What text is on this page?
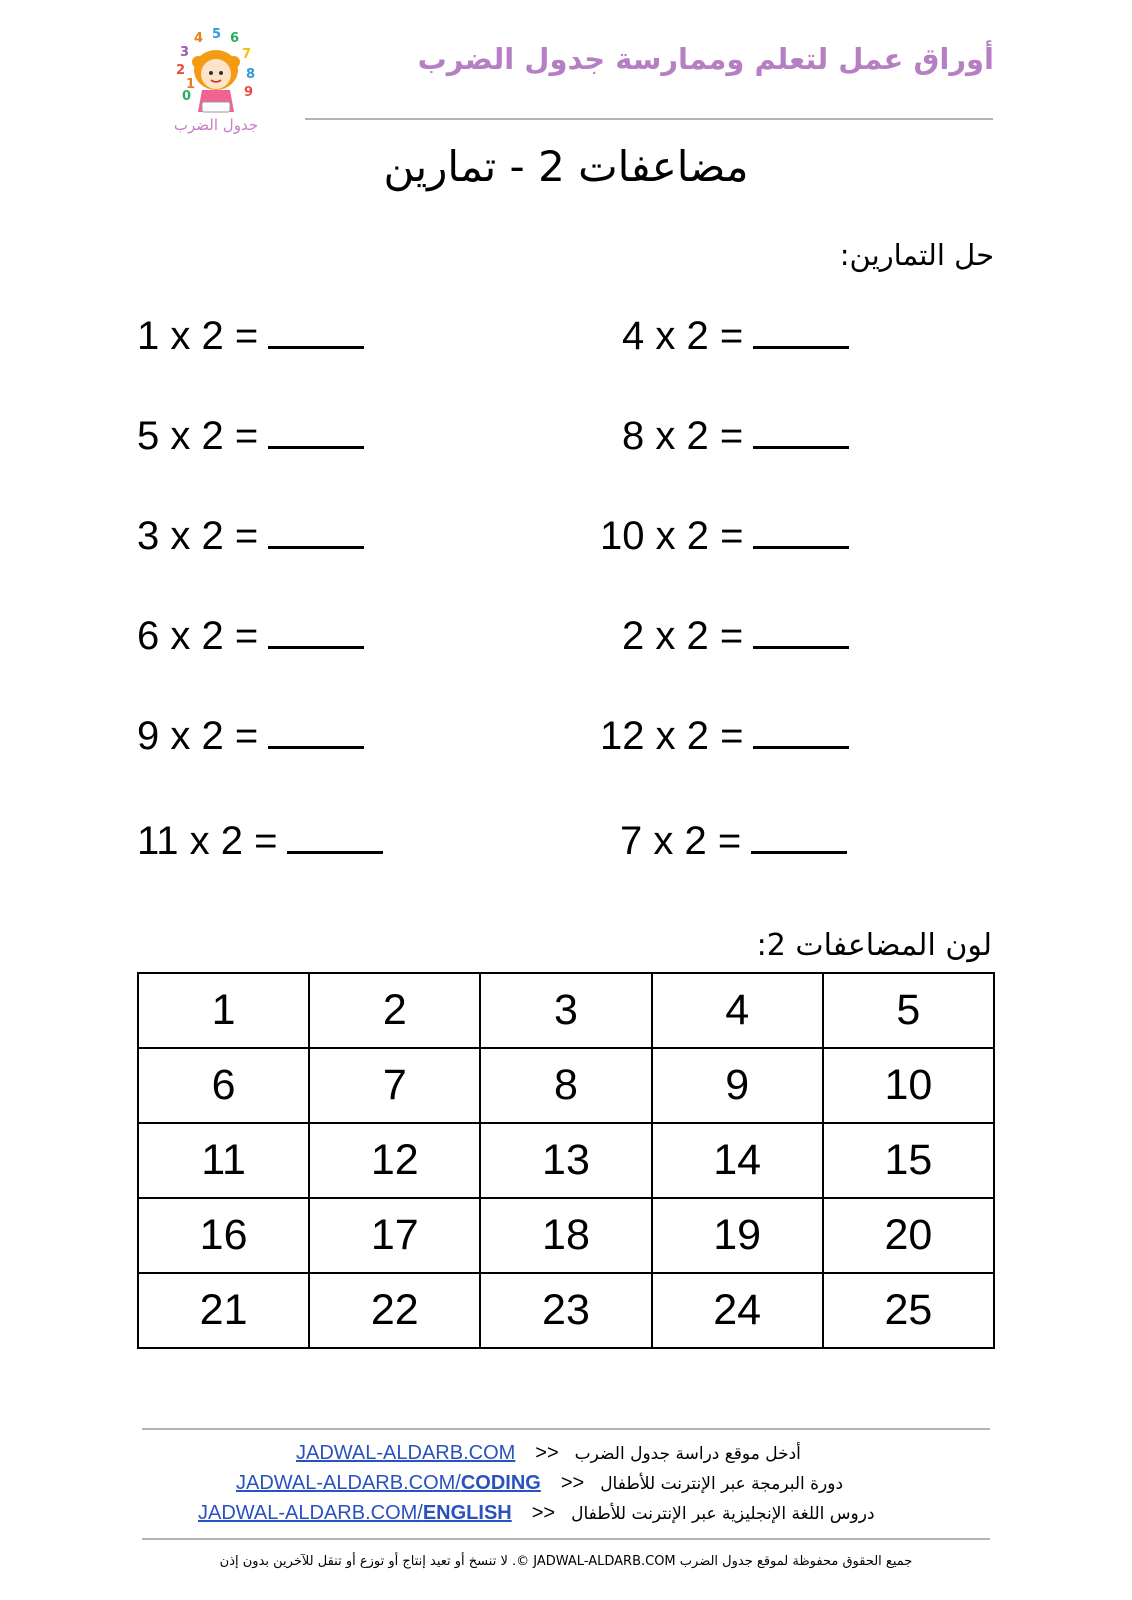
4 5 6
3
2
7
8
9
0
1
جدول الضرب
أوراق عمل لتعلم وممارسة جدول الضرب
مضاعفات 2 - تمارين
حل التمارين:
1 x 2 =
5 x 2 =
3 x 2 =
6 x 2 =
9 x 2 =
11 x 2 =
4 x 2 =
8 x 2 =
10 x 2 =
2 x 2 =
12 x 2 =
7 x 2 =
لون المضاعفات 2:
1	2	3	4	5
6	7	8	9	10
11	12	13	14	15
16	17	18	19	20
21	22	23	24	25
JADWAL-ALDARB.COM >> أدخل موقع دراسة جدول الضرب
JADWAL-ALDARB.COM/CODING >> دورة البرمجة عبر الإنترنت للأطفال
JADWAL-ALDARB.COM/ENGLISH >> دروس اللغة الإنجليزية عبر الإنترنت للأطفال
جميع الحقوق محفوظة لموقع جدول الضرب JADWAL-ALDARB.COM ©. لا تنسخ أو تعيد إنتاج أو توزع أو تنقل للآخرين بدون إذن
